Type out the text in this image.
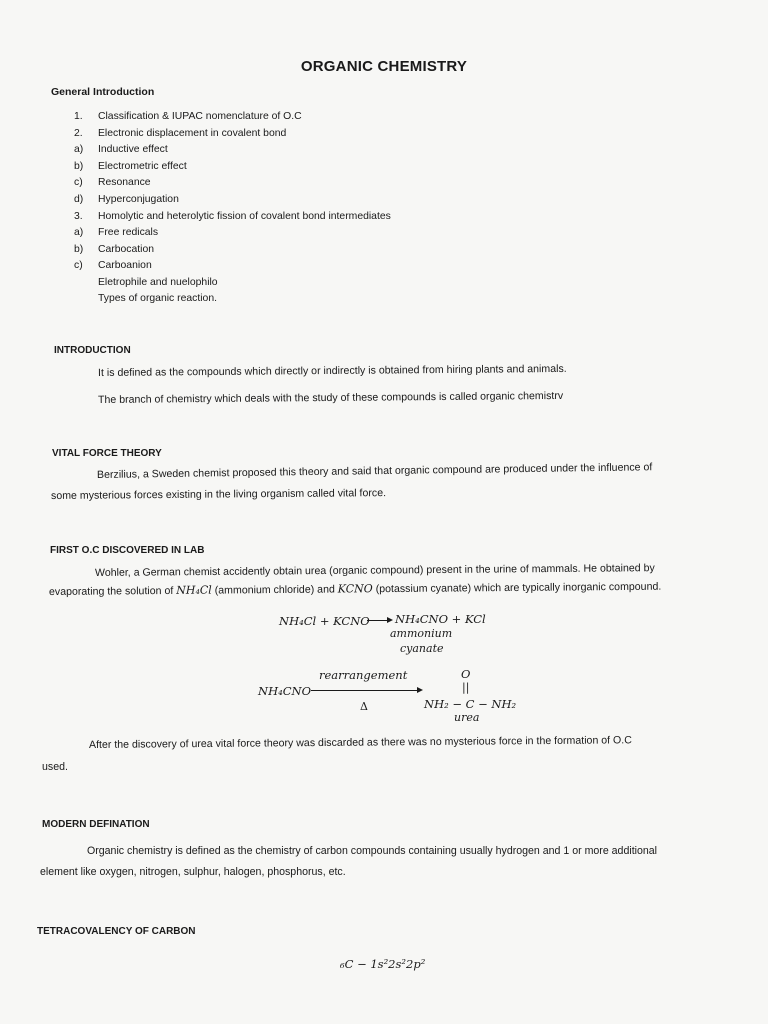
ORGANIC CHEMISTRY
General Introduction
1.	Classification & IUPAC nomenclature of O.C
2.	Electronic displacement in covalent bond
a)	Inductive effect
b)	Electrometric effect
c)	Resonance
d)	Hyperconjugation
3.	Homolytic and heterolytic fission of covalent bond intermediates
a)	Free redicals
b)	Carbocation
c)	Carboanion
Eletrophile and nuelophilo
Types of organic reaction.
INTRODUCTION
It is defined as the compounds which directly or indirectly is obtained from hiring plants and animals.
The branch of chemistry which deals with the study of these compounds is called organic chemistrv
VITAL FORCE THEORY
Berzilius, a Sweden chemist proposed this theory and said that organic compound are produced under the influence of
some mysterious forces existing in the living organism called vital force.
FIRST O.C DISCOVERED IN LAB
Wohler, a German chemist accidently obtain urea (organic compound) present in the urine of mammals. He obtained by
evaporating the solution of NH₄Cl (ammonium chloride) and KCNO (potassium cyanate) which are typically inorganic compound.
NH₄Cl + KCNO NH₄CNO + KCl
ammonium
cyanate
rearrangement
NH₄CNO
Δ
O
||
NH₂ − C − NH₂
urea
After the discovery of urea vital force theory was discarded as there was no mysterious force in the formation of O.C
used.
MODERN DEFINATION
Organic chemistry is defined as the chemistry of carbon compounds containing usually hydrogen and 1 or more additional
element like oxygen, nitrogen, sulphur, halogen, phosphorus, etc.
TETRACOVALENCY OF CARBON
₆C − 1s²2s²2p²
